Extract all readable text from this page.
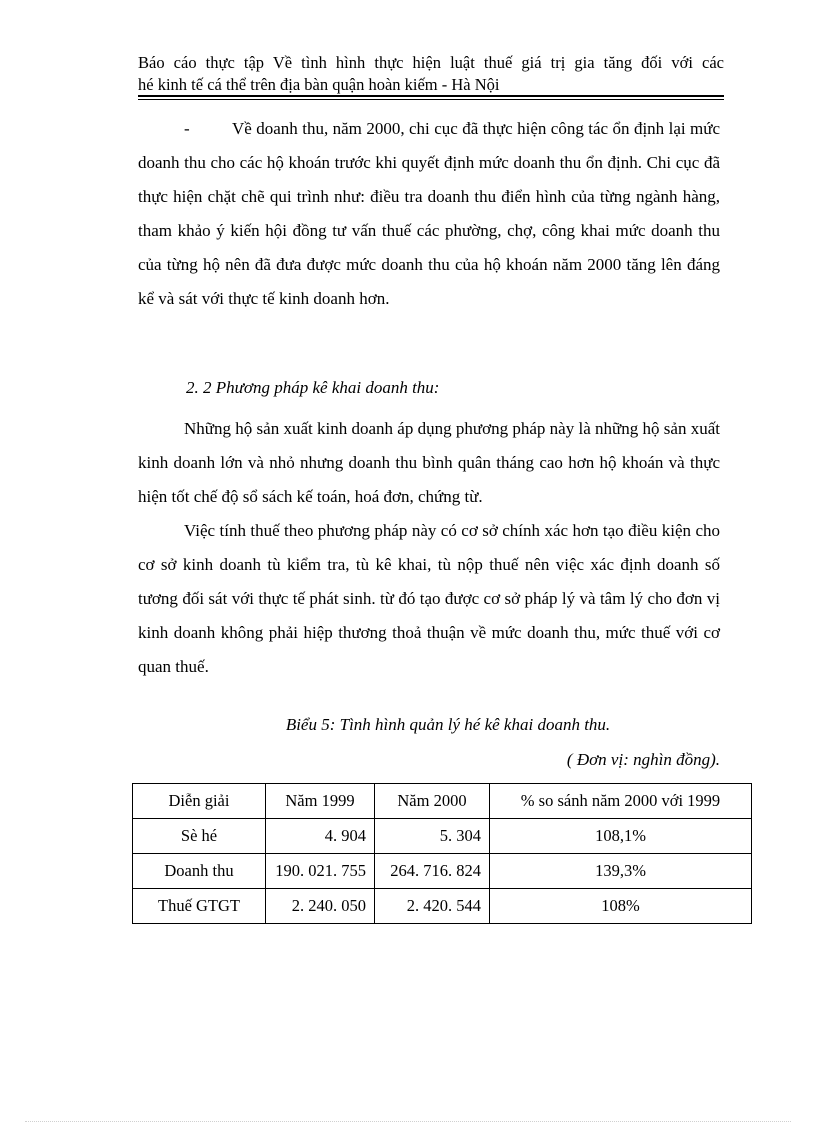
Báo cáo thực tập Về tình hình thực hiện luật thuế giá trị gia tăng đối với các
hé kinh tế cá thể trên địa bàn quận hoàn kiếm - Hà Nội
- Về doanh thu, năm 2000, chi cục đã thực hiện công tác ổn định lại mức doanh thu cho các hộ khoán trước khi quyết định mức doanh thu ổn định. Chi cục đã thực hiện chặt chẽ qui trình như: điều tra doanh thu điển hình của từng ngành hàng, tham khảo ý kiến hội đồng tư vấn thuế các phường, chợ, công khai mức doanh thu của từng hộ nên đã đưa được mức doanh thu của hộ khoán năm 2000 tăng lên đáng kể và sát với thực tế kinh doanh hơn.
2. 2 Phương pháp kê khai doanh thu:
Những hộ sản xuất kinh doanh áp dụng phương pháp này là những hộ sản xuất kinh doanh lớn và nhỏ nhưng doanh thu bình quân tháng cao hơn hộ khoán và thực hiện tốt chế độ sổ sách kế toán, hoá đơn, chứng từ.
Việc tính thuế theo phương pháp này có cơ sở chính xác hơn tạo điều kiện cho cơ sở kinh doanh tù kiểm tra, tù kê khai, tù nộp thuế nên việc xác định doanh số tương đối sát với thực tế phát sinh. từ đó tạo được cơ sở pháp lý và tâm lý cho đơn vị kinh doanh không phải hiệp thương thoả thuận về mức doanh thu, mức thuế với cơ quan thuế.
Biểu 5: Tình hình quản lý hé kê khai doanh thu.
( Đơn vị: nghìn đồng).
Diễn giải	Năm 1999	Năm 2000	% so sánh năm 2000 với 1999
Sè hé	4. 904	5. 304	108,1%
Doanh thu	190. 021. 755	264. 716. 824	139,3%
Thuế GTGT	2. 240. 050	2. 420. 544	108%
